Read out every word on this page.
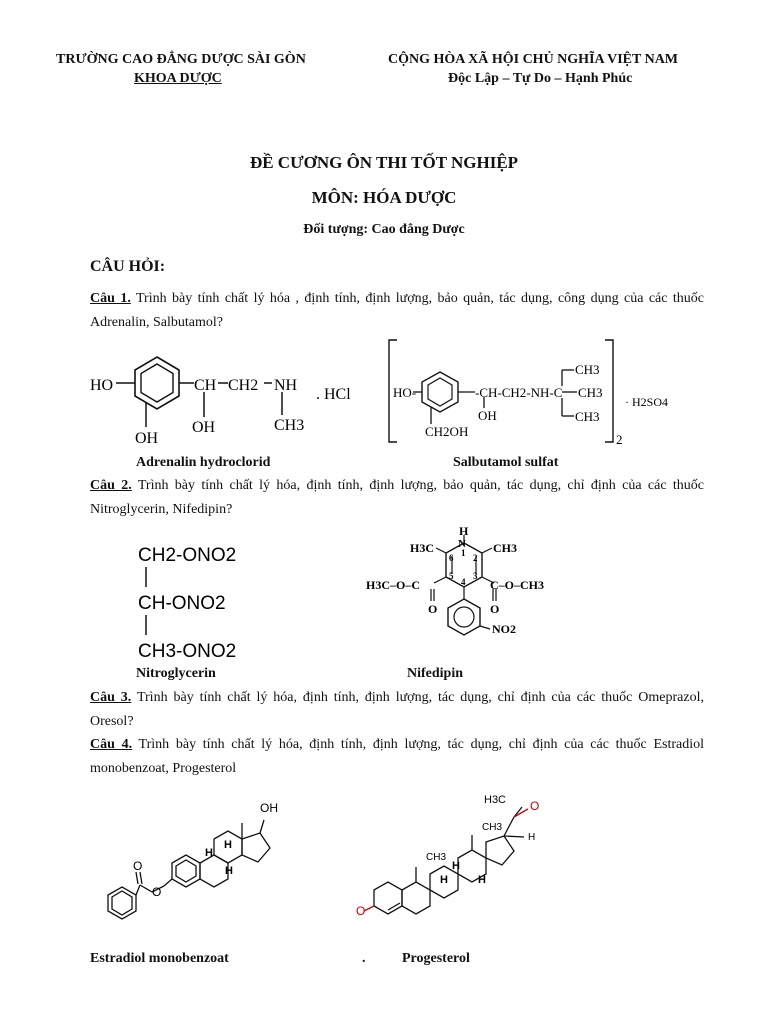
TRƯỜNG CAO ĐẲNG DƯỢC SÀI GÒN
KHOA DƯỢC
CỘNG HÒA XÃ HỘI CHỦ NGHĨA VIỆT NAM
Độc Lập – Tự Do – Hạnh Phúc
ĐỀ CƯƠNG ÔN THI TỐT NGHIỆP
MÔN: HÓA DƯỢC
Đối tượng: Cao đẳng Dược
CÂU HỎI:
Câu 1. Trình bày tính chất lý hóa , định tính, định lượng, bảo quản, tác dụng, công dụng của các thuốc Adrenalin, Salbutamol?
HO
OH
CH CH2 NH
OH	CH3
. HCl	HO-	-CH-CH2-NH-C
OH
CH2OH
CH3
CH3
CH3
· H2SO4
2
Adrenalin hydroclorid	Salbutamol sulfat
Câu 2. Trình bày tính chất lý hóa, định tính, định lượng, bảo quản, tác dụng, chỉ định của các thuốc Nitroglycerin, Nifedipin?
CH2-ONO2
CH-ONO2
CH3-ONO2
H
N
H3C	CH3
H3C–O–C	C–O–CH3
O	O
NO2
1 2
3
4
5
6
Nitroglycerin	Nifedipin
Câu 3. Trình bày tính chất lý hóa, định tính, định lượng, tác dụng, chỉ định của các thuốc Omeprazol, Oresol?
Câu 4. Trình bày tính chất lý hóa, định tính, định lượng, tác dụng, chỉ định của các thuốc Estradiol monobenzoat, Progesterol
OH
H
H
H
O
O
H3C O
CH3
CH3
H
H
H	H
O
Estradiol monobenzoat	.	Progesterol
